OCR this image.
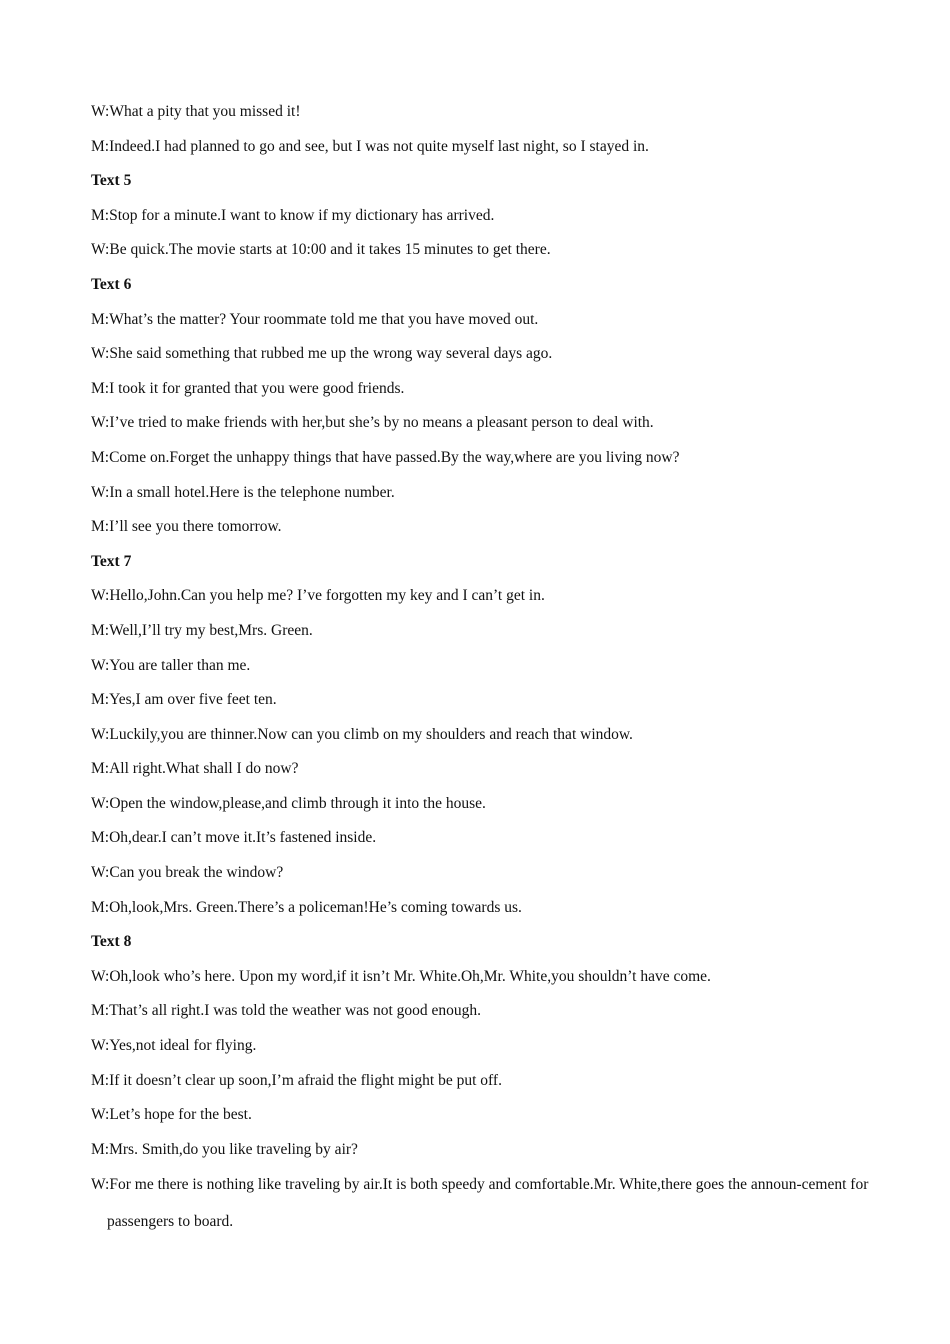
W:What a pity that you missed it!
M:Indeed.I had planned to go and see, but I was not quite myself last night, so I stayed in.
Text 5
M:Stop for a minute.I want to know if my dictionary has arrived.
W:Be quick.The movie starts at 10:00 and it takes 15 minutes to get there.
Text 6
M:What’s the matter? Your roommate told me that you have moved out.
W:She said something that rubbed me up the wrong way several days ago.
M:I took it for granted that you were good friends.
W:I’ve tried to make friends with her,but she’s by no means a pleasant person to deal with.
M:Come on.Forget the unhappy things that have passed.By the way,where are you living now?
W:In a small hotel.Here is the telephone number.
M:I’ll see you there tomorrow.
Text 7
W:Hello,John.Can you help me? I’ve forgotten my key and I can’t get in.
M:Well,I’ll try my best,Mrs. Green.
W:You are taller than me.
M:Yes,I am over five feet ten.
W:Luckily,you are thinner.Now can you climb on my shoulders and reach that window.
M:All right.What shall I do now?
W:Open the window,please,and climb through it into the house.
M:Oh,dear.I can’t move it.It’s fastened inside.
W:Can you break the window?
M:Oh,look,Mrs. Green.There’s a policeman!He’s coming towards us.
Text 8
W:Oh,look who’s here. Upon my word,if it isn’t Mr. White.Oh,Mr. White,you shouldn’t have come.
M:That’s all right.I was told the weather was not good enough.
W:Yes,not ideal for flying.
M:If it doesn’t clear up soon,I’m afraid the flight might be put off.
W:Let’s hope for the best.
M:Mrs. Smith,do you like traveling by air?
W:For me there is nothing like traveling by air.It is both speedy and comfortable.Mr. White,there goes the announ-cement for passengers to board.
